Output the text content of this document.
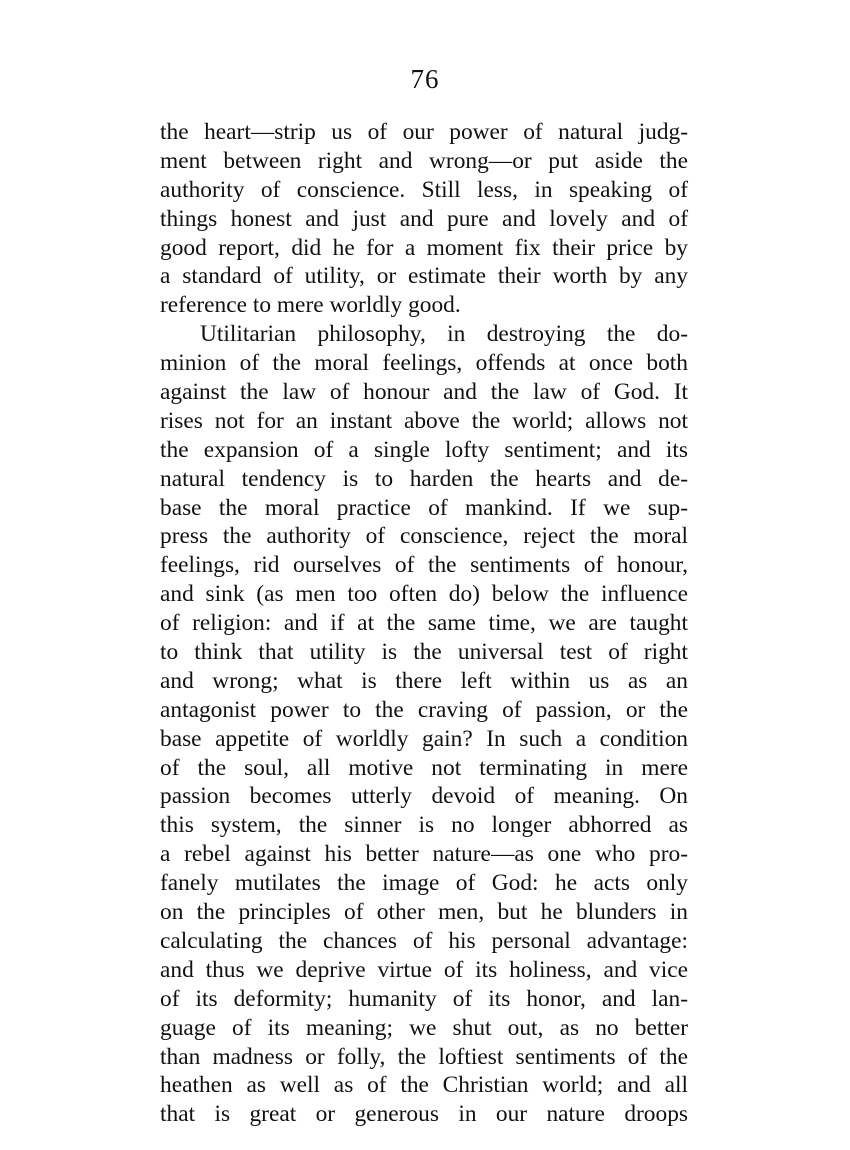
76
the heart—strip us of our power of natural judg-
ment between right and wrong—or put aside the
authority of conscience. Still less, in speaking of
things honest and just and pure and lovely and of
good report, did he for a moment fix their price by
a standard of utility, or estimate their worth by any
reference to mere worldly good.
Utilitarian philosophy, in destroying the do-
minion of the moral feelings, offends at once both
against the law of honour and the law of God. It
rises not for an instant above the world; allows not
the expansion of a single lofty sentiment; and its
natural tendency is to harden the hearts and de-
base the moral practice of mankind. If we sup-
press the authority of conscience, reject the moral
feelings, rid ourselves of the sentiments of honour,
and sink (as men too often do) below the influence
of religion: and if at the same time, we are taught
to think that utility is the universal test of right
and wrong; what is there left within us as an
antagonist power to the craving of passion, or the
base appetite of worldly gain? In such a condition
of the soul, all motive not terminating in mere
passion becomes utterly devoid of meaning. On
this system, the sinner is no longer abhorred as
a rebel against his better nature—as one who pro-
fanely mutilates the image of God: he acts only
on the principles of other men, but he blunders in
calculating the chances of his personal advantage:
and thus we deprive virtue of its holiness, and vice
of its deformity; humanity of its honor, and lan-
guage of its meaning; we shut out, as no better
than madness or folly, the loftiest sentiments of the
heathen as well as of the Christian world; and all
that is great or generous in our nature droops
